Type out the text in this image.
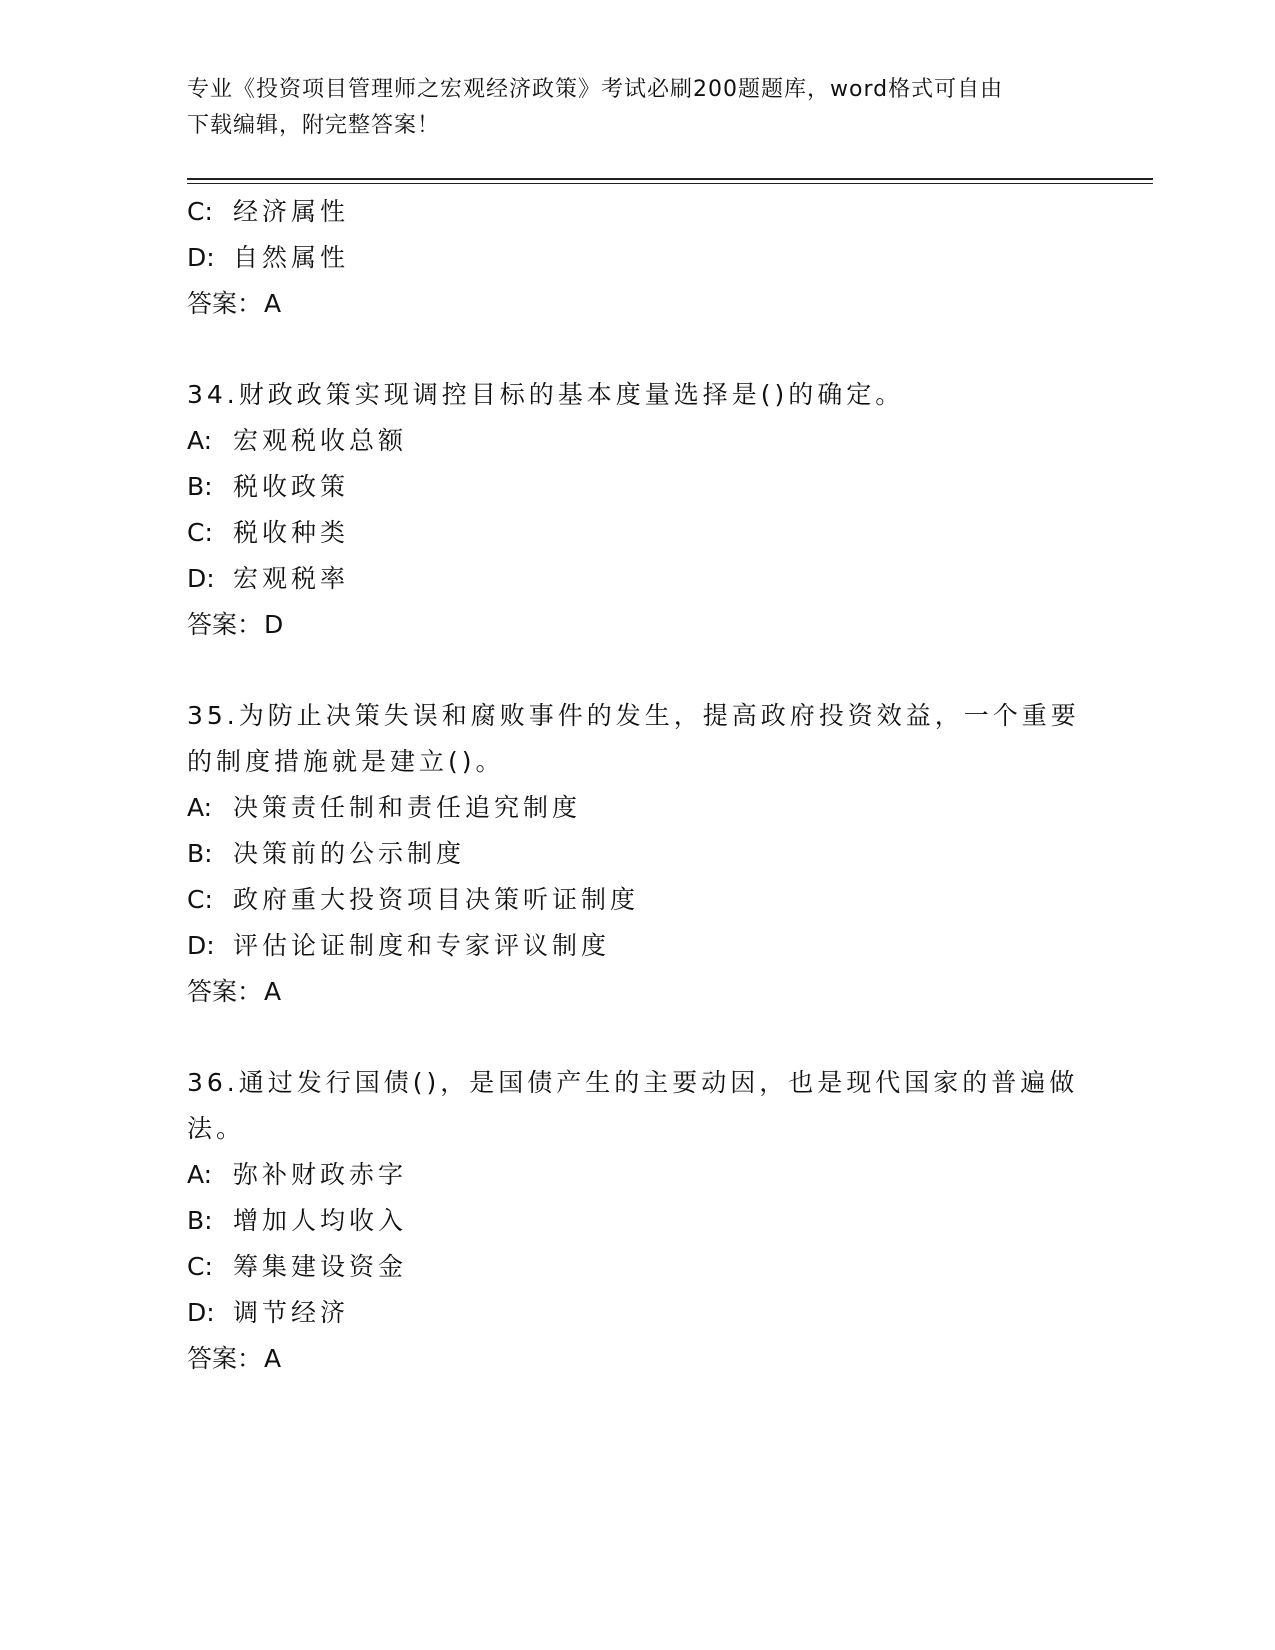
专业《投资项目管理师之宏观经济政策》考试必刷200题题库，word格式可自由
下载编辑，附完整答案！
C: 经济属性
D: 自然属性
答案：A
34.财政政策实现调控目标的基本度量选择是()的确定。
A: 宏观税收总额
B: 税收政策
C: 税收种类
D: 宏观税率
答案：D
35.为防止决策失误和腐败事件的发生，提高政府投资效益，一个重要
的制度措施就是建立()。
A: 决策责任制和责任追究制度
B: 决策前的公示制度
C: 政府重大投资项目决策听证制度
D: 评估论证制度和专家评议制度
答案：A
36.通过发行国债()，是国债产生的主要动因，也是现代国家的普遍做
法。
A: 弥补财政赤字
B: 增加人均收入
C: 筹集建设资金
D: 调节经济
答案：A
